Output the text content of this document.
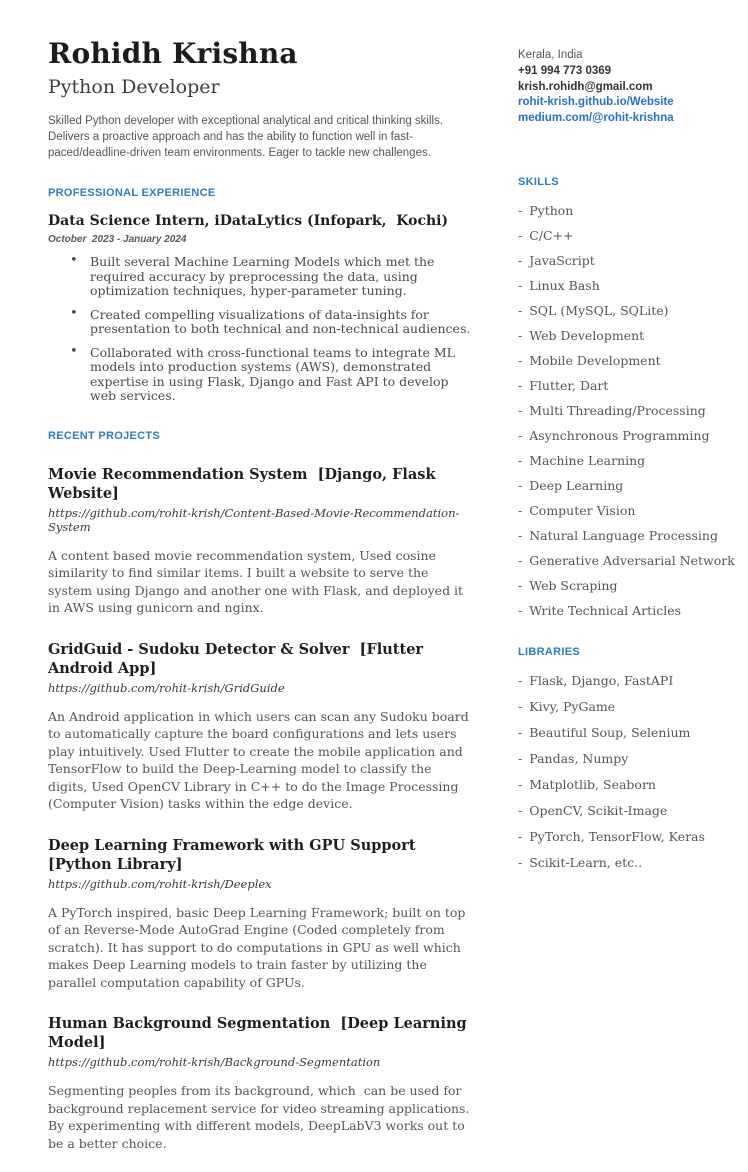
Rohidh Krishna
Python Developer

Skilled Python developer with exceptional analytical and critical thinking skills. Delivers a proactive approach and has the ability to function well in fast-paced/deadline-driven team environments. Eager to tackle new challenges.

PROFESSIONAL EXPERIENCE
Data Science Intern, iDataLytics (Infopark,  Kochi)
October  2023 - January 2024
• Built several Machine Learning Models which met the required accuracy by preprocessing the data, using optimization techniques, hyper-parameter tuning.
• Created compelling visualizations of data-insights for presentation to both technical and non-technical audiences.
• Collaborated with cross-functional teams to integrate ML models into production systems (AWS), demonstrated expertise in using Flask, Django and Fast API to develop web services.
RECENT PROJECTS
Movie Recommendation System  [Django, Flask Website]
https://github.com/rohit-krish/Content-Based-Movie-Recommendation-System

A content based movie recommendation system, Used cosine similarity to find similar items. I built a website to serve the system using Django and another one with Flask, and deployed it in AWS using gunicorn and nginx.

GridGuid - Sudoku Detector & Solver  [Flutter Android App]
https://github.com/rohit-krish/GridGuide

An Android application in which users can scan any Sudoku board to automatically capture the board configurations and lets users play intuitively. Used Flutter to create the mobile application and TensorFlow to build the Deep-Learning model to classify the digits, Used OpenCV Library in C++ to do the Image Processing (Computer Vision) tasks within the edge device.

Deep Learning Framework with GPU Support  [Python Library]
https://github.com/rohit-krish/Deeplex

A PyTorch inspired, basic Deep Learning Framework; built on top of an Reverse-Mode AutoGrad Engine (Coded completely from scratch). It has support to do computations in GPU as well which makes Deep Learning models to train faster by utilizing the parallel computation capability of GPUs.

Human Background Segmentation  [Deep Learning Model]
https://github.com/rohit-krish/Background-Segmentation

Segmenting peoples from its background, which  can be used for background replacement service for video streaming applications. By experimenting with different models, DeepLabV3 works out to be a better choice.

Kerala, India
+91 994 773 0369
krish.rohidh@gmail.com
rohit-krish.github.io/Website
medium.com/@rohit-krishna
SKILLS
- Python
- C/C++
- JavaScript
- Linux Bash
- SQL (MySQL, SQLite)
- Web Development
- Mobile Development
- Flutter, Dart
- Multi Threading/Processing
- Asynchronous Programming
- Machine Learning
- Deep Learning
- Computer Vision
- Natural Language Processing
- Generative Adversarial Network
- Web Scraping
- Write Technical Articles
LIBRARIES
- Flask, Django, FastAPI
- Kivy, PyGame
- Beautiful Soup, Selenium
- Pandas, Numpy
- Matplotlib, Seaborn
- OpenCV, Scikit-Image
- PyTorch, TensorFlow, Keras
- Scikit-Learn, etc..
